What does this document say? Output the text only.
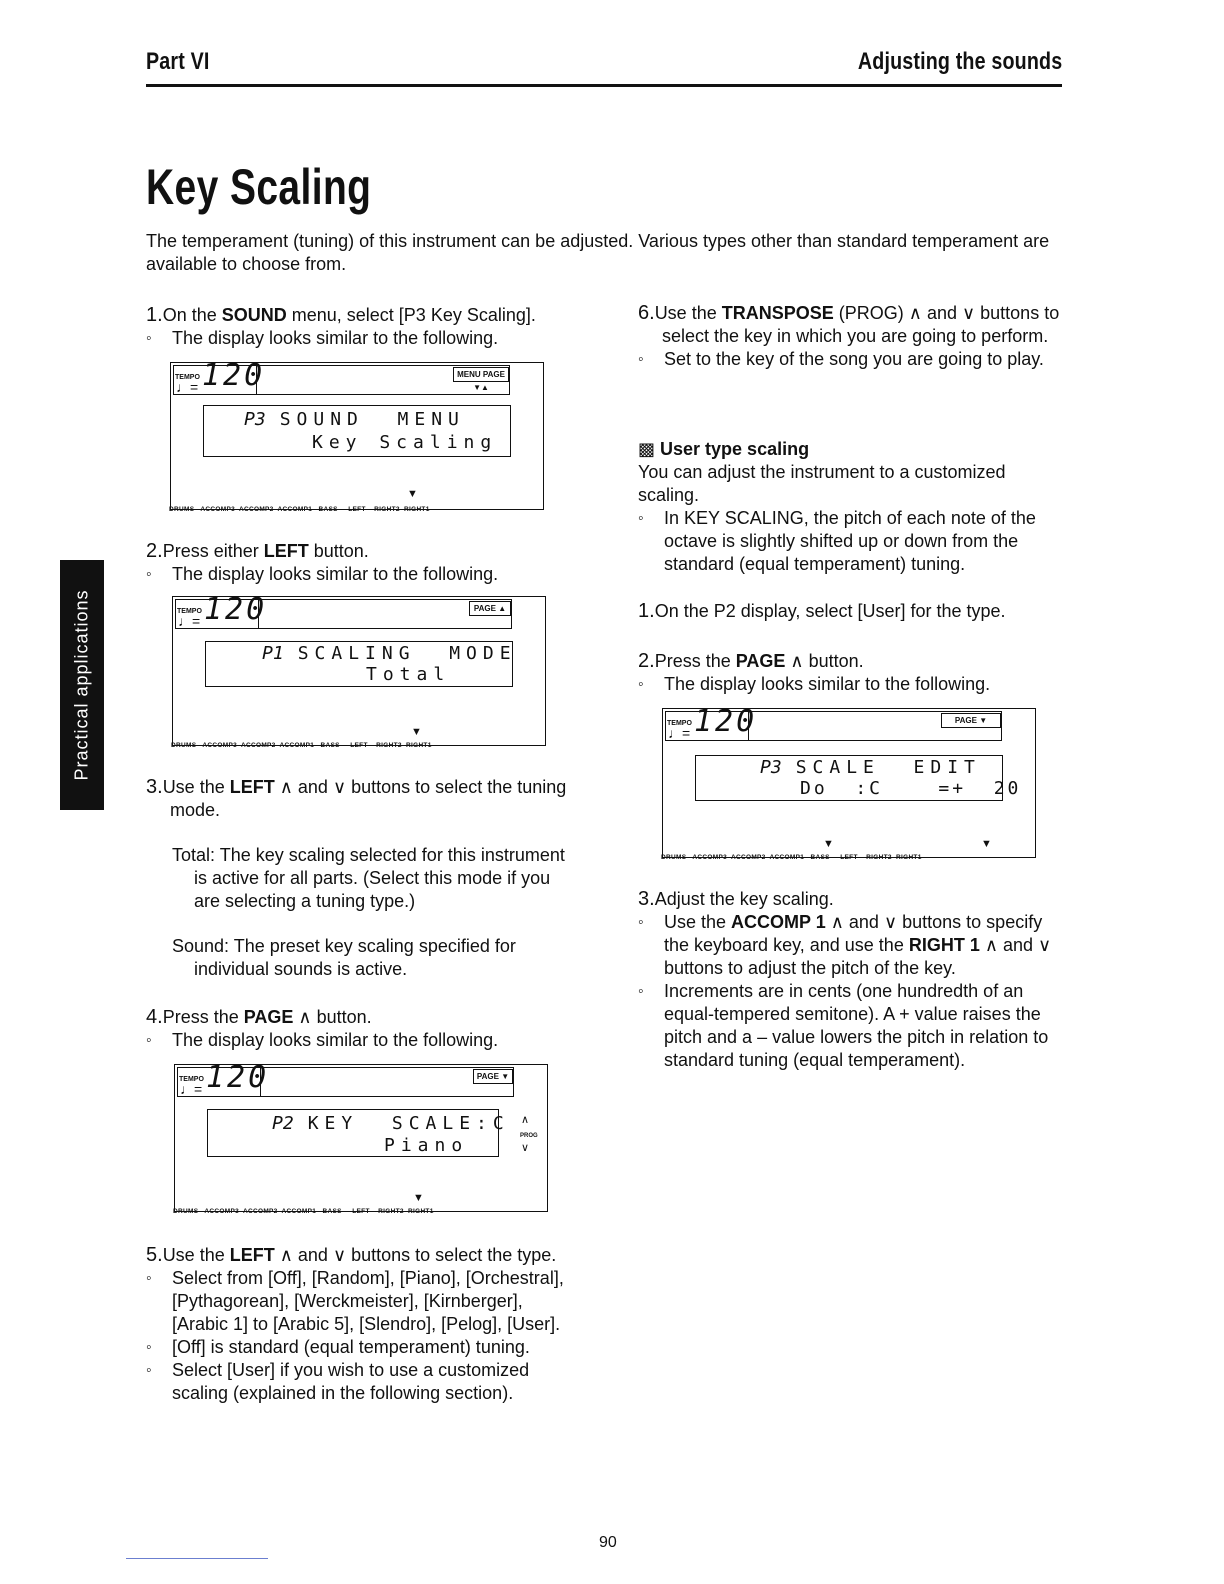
Part VI	Adjusting the sounds
Key Scaling
The temperament (tuning) of this instrument can be adjusted. Various types other than standard temperament are available to choose from.
Practical applications

1.On the SOUND menu, select [P3 Key Scaling].

◦ The display looks similar to the following.

TEMPO
♩= 120	MENU PAGE ▼▲
P3 SOUND  MENU
Key Scaling
▼
DRUMS   ACCOMP3  ACCOMP2  ACCOMP1   BASS     LEFT    RIGHT2  RIGHT1

2.Press either LEFT button.

◦ The display looks similar to the following.

TEMPO
♩= 120	PAGE ▲
P1 SCALING  MODE
Total
▼
DRUMS   ACCOMP3  ACCOMP2  ACCOMP1   BASS     LEFT    RIGHT2  RIGHT1

3.Use the LEFT ∧ and ∨ buttons to select the tuning mode.

Total: The key scaling selected for this instrument is active for all parts. (Select this mode if you are selecting a tuning type.)

Sound: The preset key scaling specified for individual sounds is active.

4.Press the PAGE ∧ button.

◦ The display looks similar to the following.

TEMPO
♩= 120	PAGE ▼
P2 KEY  SCALE:C
Piano
∧
PROG
∨
▼
DRUMS   ACCOMP3  ACCOMP2  ACCOMP1   BASS     LEFT    RIGHT2  RIGHT1

5.Use the LEFT ∧ and ∨ buttons to select the type.

◦ Select from [Off], [Random], [Piano], [Orchestral], [Pythagorean], [Werckmeister], [Kirnberger], [Arabic 1] to [Arabic 5], [Slendro], [Pelog], [User].

◦ [Off] is standard (equal temperament) tuning.

◦ Select [User] if you wish to use a customized scaling (explained in the following section).

6.Use the TRANSPOSE (PROG) ∧ and ∨ buttons to select the key in which you are going to perform.

◦ Set to the key of the song you are going to play.

▩ User type scaling

You can adjust the instrument to a customized scaling.

◦ In KEY SCALING, the pitch of each note of the octave is slightly shifted up or down from the standard (equal temperament) tuning.

1.On the P2 display, select [User] for the type.

2.Press the PAGE ∧ button.

◦ The display looks similar to the following.

TEMPO
♩= 120	PAGE ▼
P3 SCALE  EDIT
Do  :C    =+  20
▼	▼
DRUMS   ACCOMP3  ACCOMP2  ACCOMP1   BASS     LEFT    RIGHT2  RIGHT1

3.Adjust the key scaling.

◦ Use the ACCOMP 1 ∧ and ∨ buttons to specify the keyboard key, and use the RIGHT 1 ∧ and ∨ buttons to adjust the pitch of the key.

◦ Increments are in cents (one hundredth of an equal-tempered semitone). A + value raises the pitch and a – value lowers the pitch in relation to standard tuning (equal temperament).

90
